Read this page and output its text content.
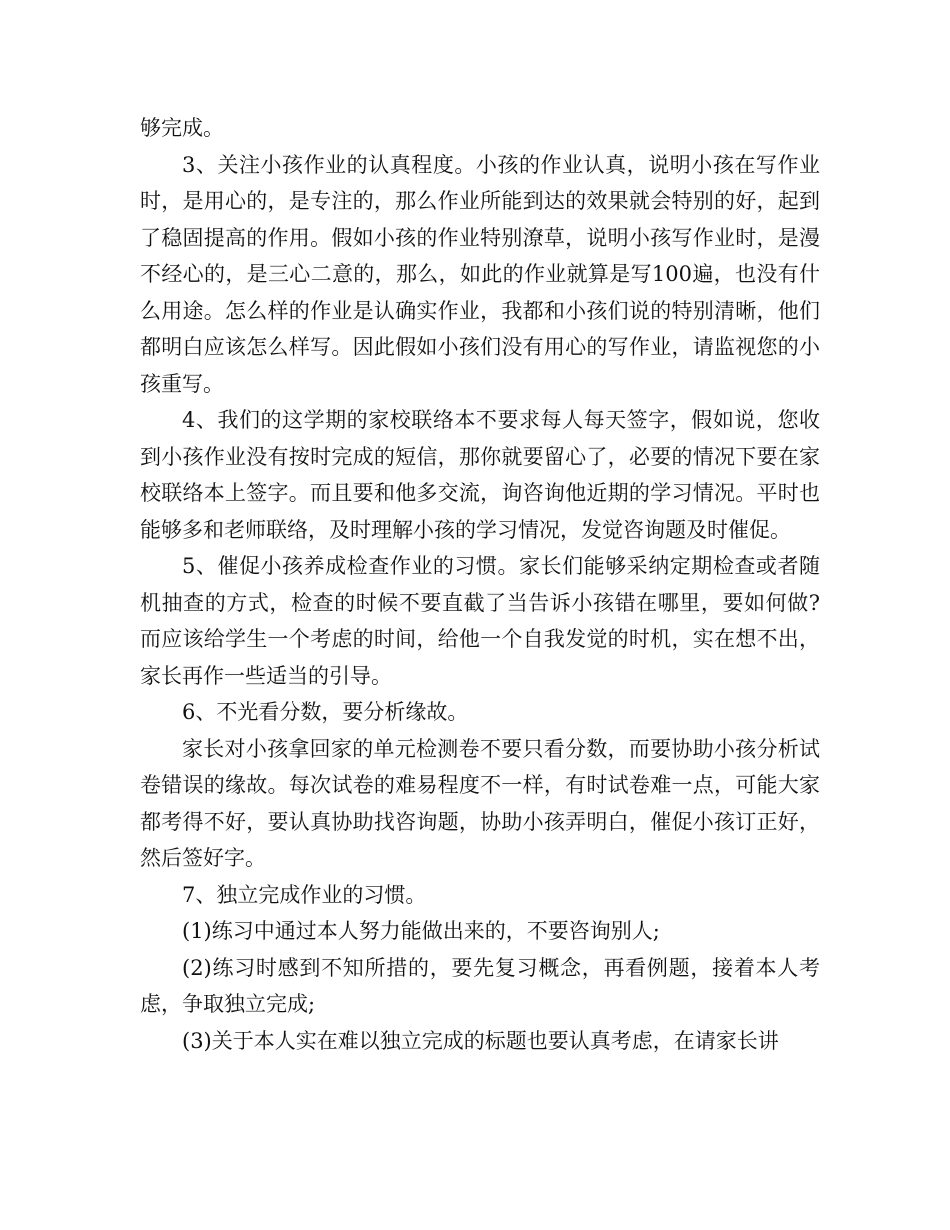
够完成。

3、关注小孩作业的认真程度。小孩的作业认真，说明小孩在写作业时，是用心的，是专注的，那么作业所能到达的效果就会特别的好，起到了稳固提高的作用。假如小孩的作业特别潦草，说明小孩写作业时，是漫不经心的，是三心二意的，那么，如此的作业就算是写100遍，也没有什么用途。怎么样的作业是认确实作业，我都和小孩们说的特别清晰，他们都明白应该怎么样写。因此假如小孩们没有用心的写作业，请监视您的小孩重写。

4、我们的这学期的家校联络本不要求每人每天签字，假如说，您收到小孩作业没有按时完成的短信，那你就要留心了，必要的情况下要在家校联络本上签字。而且要和他多交流，询咨询他近期的学习情况。平时也能够多和老师联络，及时理解小孩的学习情况，发觉咨询题及时催促。

5、催促小孩养成检查作业的习惯。家长们能够采纳定期检查或者随机抽查的方式，检查的时候不要直截了当告诉小孩错在哪里，要如何做?而应该给学生一个考虑的时间，给他一个自我发觉的时机，实在想不出，家长再作一些适当的引导。

6、不光看分数，要分析缘故。

家长对小孩拿回家的单元检测卷不要只看分数，而要协助小孩分析试卷错误的缘故。每次试卷的难易程度不一样，有时试卷难一点，可能大家都考得不好，要认真协助找咨询题，协助小孩弄明白，催促小孩订正好，然后签好字。

7、独立完成作业的习惯。

(1)练习中通过本人努力能做出来的，不要咨询别人;

(2)练习时感到不知所措的，要先复习概念，再看例题，接着本人考虑，争取独立完成;

(3)关于本人实在难以独立完成的标题也要认真考虑，在请家长讲
